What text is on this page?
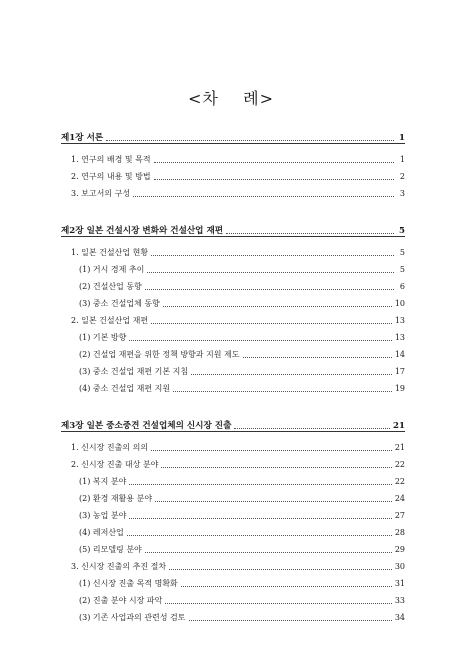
<차    례>
제1장 서론	1
1. 연구의 배경 및 목적	1
2. 연구의 내용 및 방법	2
3. 보고서의 구성	3
제2장 일본 건설시장 변화와 건설산업 재편	5
1. 일본 건설산업 현황	5
(1) 거시 경제 추이	5
(2) 건설산업 동향	6
(3) 중소 건설업체 동향	10
2. 일본 건설산업 재편	13
(1) 기본 방향	13
(2) 건설업 재편을 위한 정책 방향과 지원 제도	14
(3) 중소 건설업 재편 기본 지침	17
(4) 중소 건설업 재편 지원	19
제3장 일본 중소중견 건설업체의 신시장 진출	21
1. 신시장 진출의 의의	21
2. 신시장 진출 대상 분야	22
(1) 복지 분야	22
(2) 환경 재활용 분야	24
(3) 농업 분야	27
(4) 레저산업	28
(5) 리모델링 분야	29
3. 신시장 진출의 추진 절차	30
(1) 신시장 진출 목적 명확화	31
(2) 진출 분야 시장 파악	33
(3) 기존 사업과의 관련성 검토	34
